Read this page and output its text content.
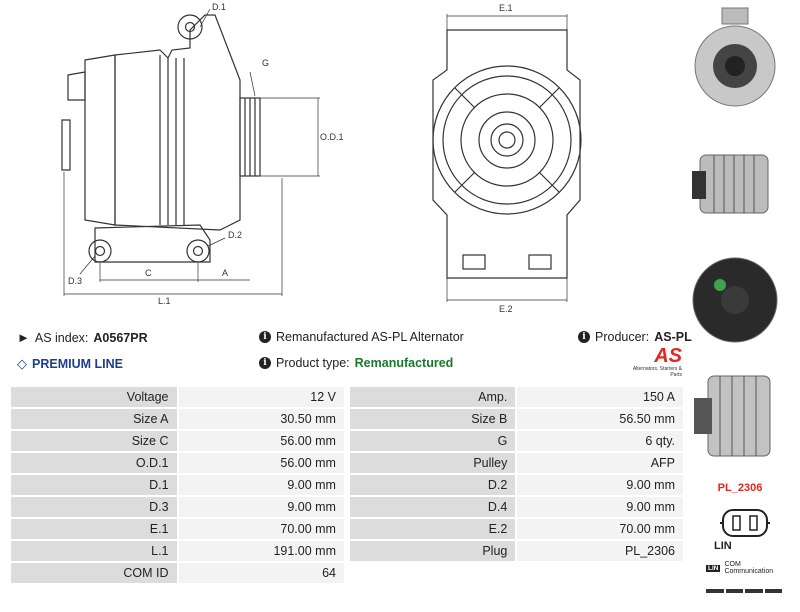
D.1
G
O.D.1
D.2
D.3
C	A
L.1
E.1
E.2
► AS index: A0567PR	i Remanufactured AS-PL Alternator	i Producer: AS-PL
◇ PREMIUM LINE	i Product type: Remanufactured	AS
Alternators, Starters & Parts
Voltage	12 V		Amp.	150 A
Size A	30.50 mm		Size B	56.50 mm
Size C	56.00 mm		G	6 qty.
O.D.1	56.00 mm		Pulley	AFP
D.1	9.00 mm		D.2	9.00 mm
D.3	9.00 mm		D.4	9.00 mm
E.1	70.00 mm		E.2	70.00 mm
L.1	191.00 mm		Plug	PL_2306
COM ID	64			
PL_2306
LIN
LIN COM Communication
